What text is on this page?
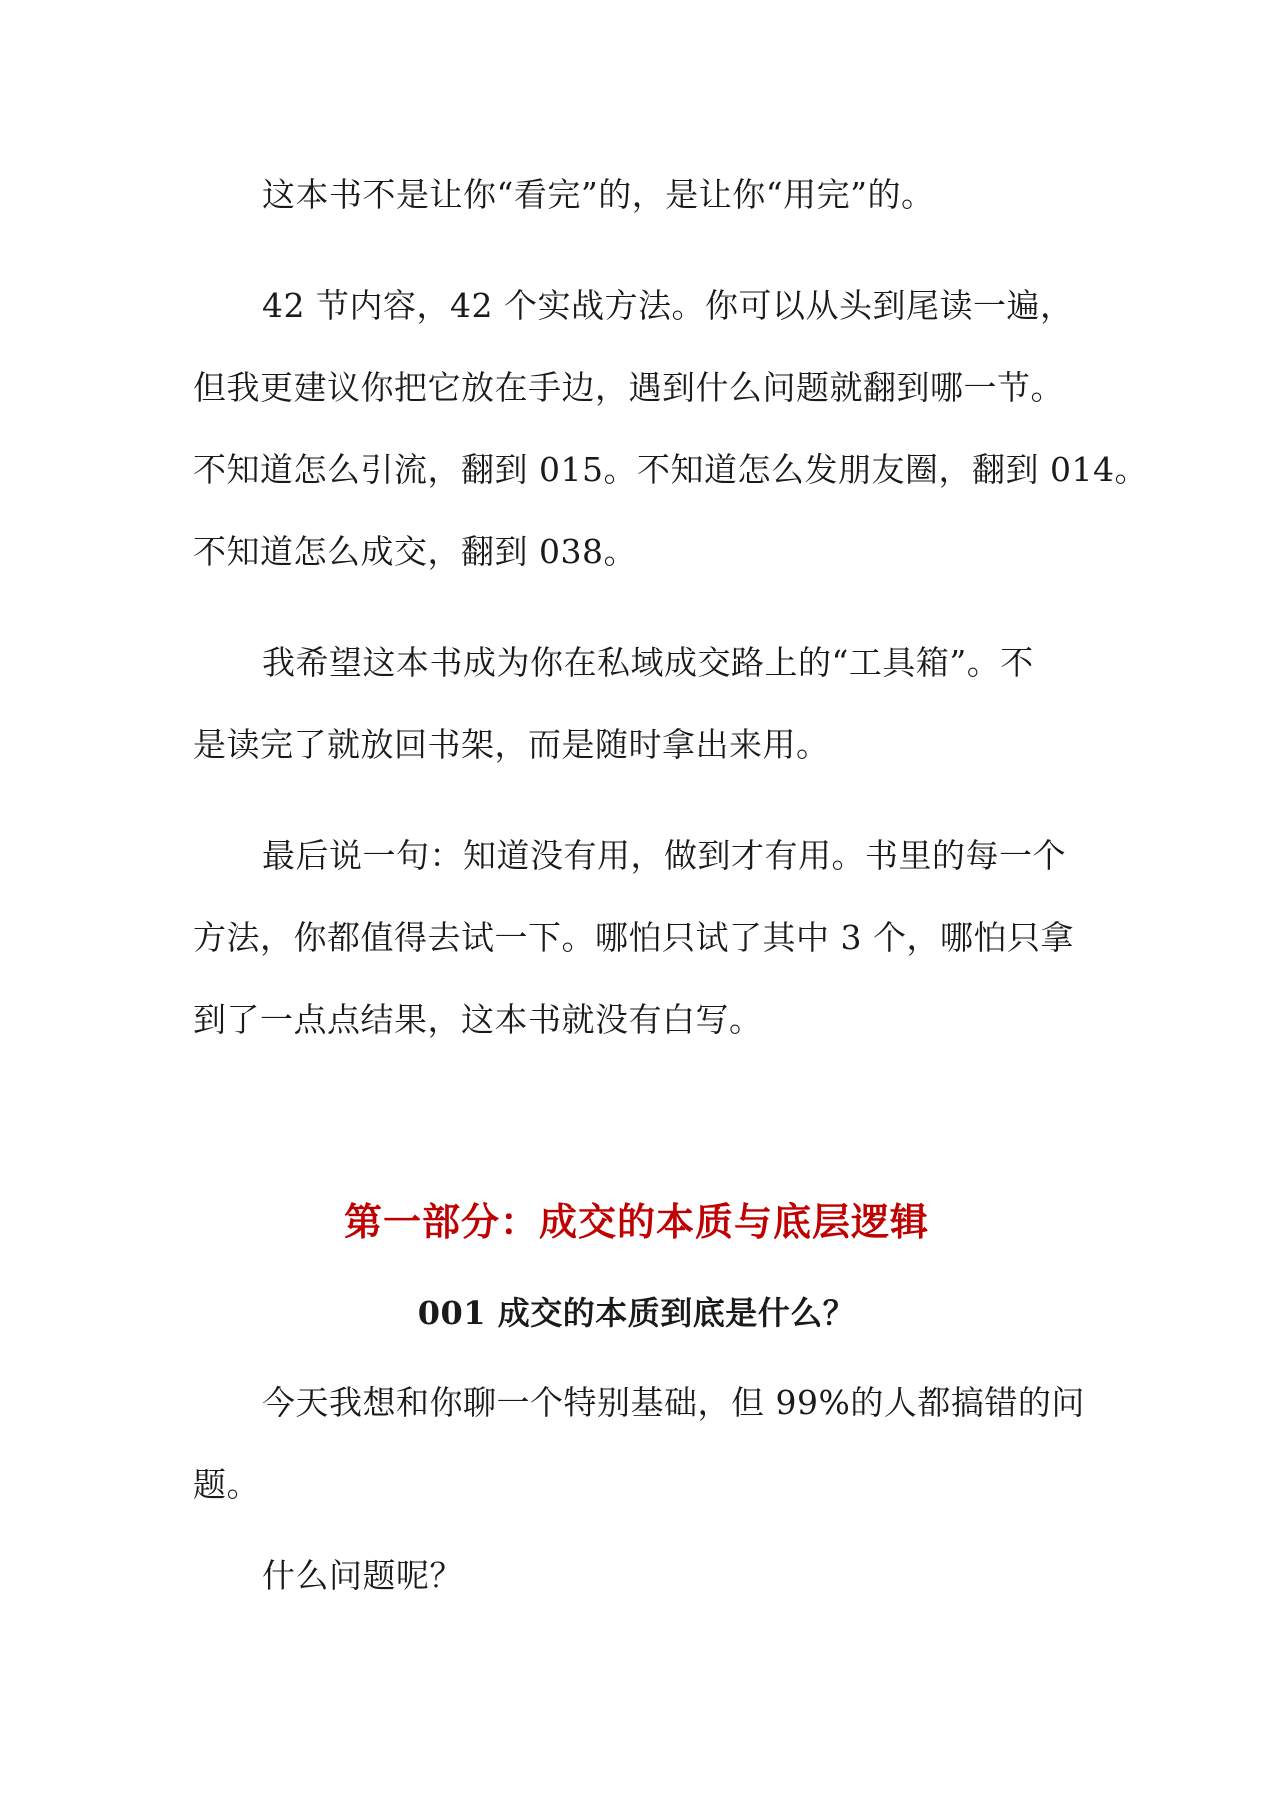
这本书不是让你“看完”的，是让你“用完”的。
42 节内容，42 个实战方法。你可以从头到尾读一遍，
但我更建议你把它放在手边，遇到什么问题就翻到哪一节。
不知道怎么引流，翻到 015。不知道怎么发朋友圈，翻到 014。
不知道怎么成交，翻到 038。
我希望这本书成为你在私域成交路上的“工具箱”。不
是读完了就放回书架，而是随时拿出来用。
最后说一句：知道没有用，做到才有用。书里的每一个
方法，你都值得去试一下。哪怕只试了其中 3 个，哪怕只拿
到了一点点结果，这本书就没有白写。
第一部分：成交的本质与底层逻辑
001 成交的本质到底是什么？
今天我想和你聊一个特别基础，但 99%的人都搞错的问
题。
什么问题呢？
